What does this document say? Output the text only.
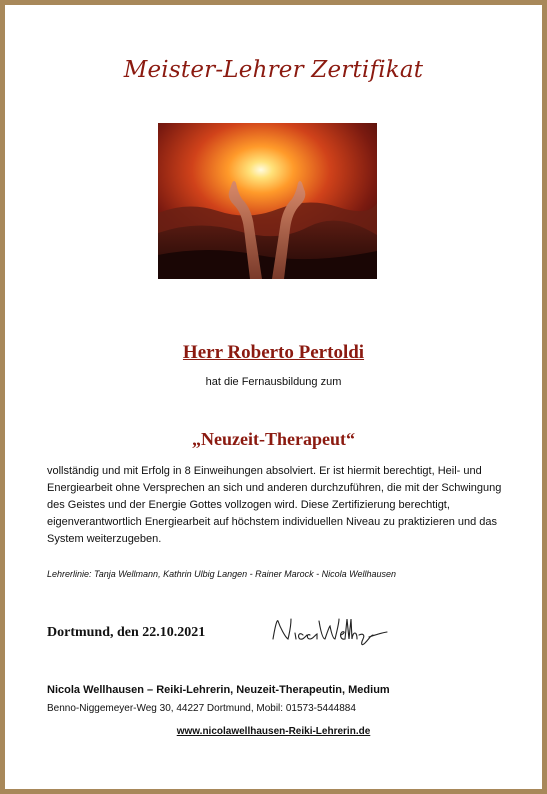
Meister-Lehrer Zertifikat
Herr Roberto Pertoldi
hat die Fernausbildung zum
„Neuzeit-Therapeut“
vollständig und mit Erfolg in 8 Einweihungen absolviert. Er ist hiermit berechtigt, Heil- und Energiearbeit ohne Versprechen an sich und anderen durchzuführen, die mit der Schwingung des Geistes und der Energie Gottes vollzogen wird. Diese Zertifizierung berechtigt, eigenverantwortlich Energiearbeit auf höchstem individuellen Niveau zu praktizieren und das System weiterzugeben.
Lehrerlinie: Tanja Wellmann, Kathrin Ulbig Langen - Rainer Marock - Nicola Wellhausen
Dortmund, den 22.10.2021
Nicola Wellhausen – Reiki-Lehrerin, Neuzeit-Therapeutin, Medium
Benno-Niggemeyer-Weg 30, 44227 Dortmund, Mobil: 01573-5444884
www.nicolawellhausen-Reiki-Lehrerin.de
